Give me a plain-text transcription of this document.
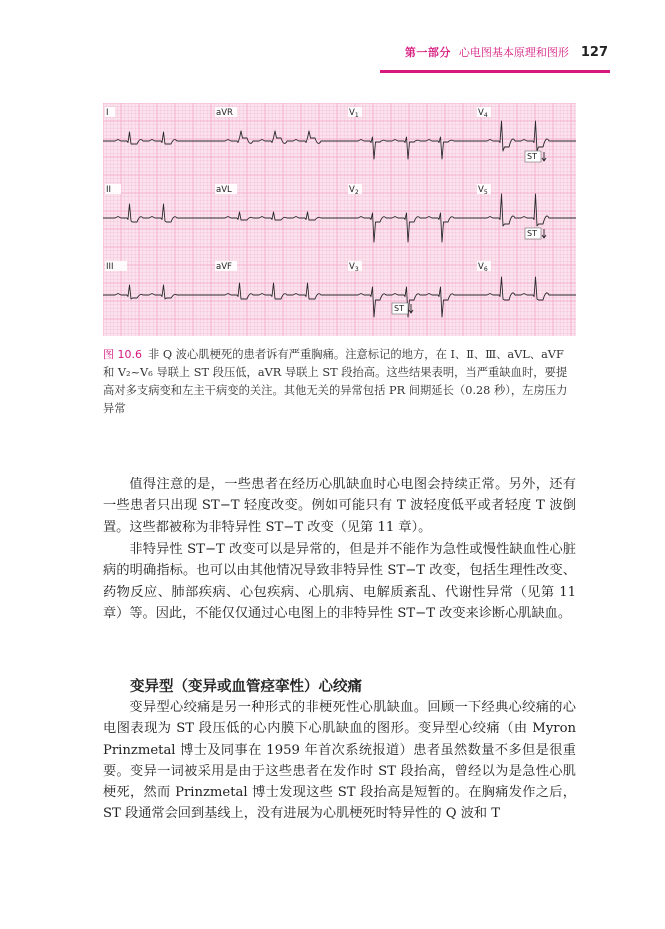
第一部分 心电图基本原理和图形 127
I	aVR	$V_1$	$V_4$
II	aVL	$V_2$	$V_5$
III	aVF	$V_3$	$V_6$
ST
ST
ST
图 10.6 非 Q 波心肌梗死的患者诉有严重胸痛。注意标记的地方，在 Ⅰ、Ⅱ、Ⅲ、aVL、aVF 和 V₂~V₆ 导联上 ST 段压低，aVR 导联上 ST 段抬高。这些结果表明，当严重缺血时，要提高对多支病变和左主干病变的关注。其他无关的异常包括 PR 间期延长（0.28 秒），左房压力异常

值得注意的是，一些患者在经历心肌缺血时心电图会持续正常。另外，还有一些患者只出现 ST−T 轻度改变。例如可能只有 T 波轻度低平或者轻度 T 波倒置。这些都被称为非特异性 ST−T 改变（见第 11 章）。

非特异性 ST−T 改变可以是异常的，但是并不能作为急性或慢性缺血性心脏病的明确指标。也可以由其他情况导致非特异性 ST−T 改变，包括生理性改变、药物反应、肺部疾病、心包疾病、心肌病、电解质紊乱、代谢性异常（见第 11 章）等。因此，不能仅仅通过心电图上的非特异性 ST−T 改变来诊断心肌缺血。

变异型（变异或血管痉挛性）心绞痛

变异型心绞痛是另一种形式的非梗死性心肌缺血。回顾一下经典心绞痛的心电图表现为 ST 段压低的心内膜下心肌缺血的图形。变异型心绞痛（由 Myron Prinzmetal 博士及同事在 1959 年首次系统报道）患者虽然数量不多但是很重要。变异一词被采用是由于这些患者在发作时 ST 段抬高，曾经以为是急性心肌梗死，然而 Prinzmetal 博士发现这些 ST 段抬高是短暂的。在胸痛发作之后，ST 段通常会回到基线上，没有进展为心肌梗死时特异性的 Q 波和 T
